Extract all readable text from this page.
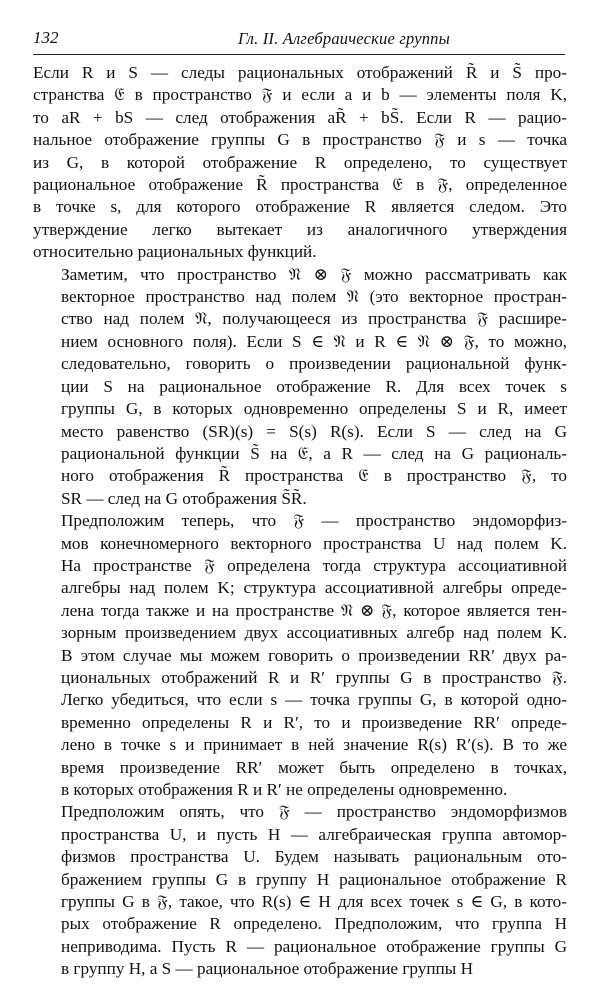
132	Гл. II. Алгебраические группы

Если R и S — следы рациональных отображений R̃ и S̃ про-
странства 𝔈 в пространство 𝔉 и если a и b — элементы поля K,
то aR + bS — след отображения aR̃ + bS̃. Если R — рацио-
нальное отображение группы G в пространство 𝔉 и s — точка
из G, в которой отображение R определено, то существует
рациональное отображение R̃ пространства 𝔈 в 𝔉, определенное
в точке s, для которого отображение R является следом. Это
утверждение легко вытекает из аналогичного утверждения
относительно рациональных функций.

Заметим, что пространство 𝔑 ⊗ 𝔉 можно рассматривать как
векторное пространство над полем 𝔑 (это векторное простран-
ство над полем 𝔑, получающееся из пространства 𝔉 расшире-
нием основного поля). Если S ∈ 𝔑 и R ∈ 𝔑 ⊗ 𝔉, то можно,
следовательно, говорить о произведении рациональной функ-
ции S на рациональное отображение R. Для всех точек s
группы G, в которых одновременно определены S и R, имеет
место равенство (SR)(s) = S(s) R(s). Если S — след на G
рациональной функции S̃ на 𝔈, а R — след на G рациональ-
ного отображения R̃ пространства 𝔈 в пространство 𝔉, то
SR — след на G отображения S̃R̃.

Предположим теперь, что 𝔉 — пространство эндоморфиз-
мов конечномерного векторного пространства U над полем K.
На пространстве 𝔉 определена тогда структура ассоциативной
алгебры над полем K; структура ассоциативной алгебры опреде-
лена тогда также и на пространстве 𝔑 ⊗ 𝔉, которое является тен-
зорным произведением двух ассоциативных алгебр над полем K.
В этом случае мы можем говорить о произведении RR′ двух ра-
циональных отображений R и R′ группы G в пространство 𝔉.
Легко убедиться, что если s — точка группы G, в которой одно-
временно определены R и R′, то и произведение RR′ опреде-
лено в точке s и принимает в ней значение R(s) R′(s). В то же
время произведение RR′ может быть определено в точках,
в которых отображения R и R′ не определены одновременно.

Предположим опять, что 𝔉 — пространство эндоморфизмов
пространства U, и пусть H — алгебраическая группа автомор-
физмов пространства U. Будем называть рациональным ото-
бражением группы G в группу H рациональное отображение R
группы G в 𝔉, такое, что R(s) ∈ H для всех точек s ∈ G, в кото-
рых отображение R определено. Предположим, что группа H
неприводима. Пусть R — рациональное отображение группы G
в группу H, а S — рациональное отображение группы H
